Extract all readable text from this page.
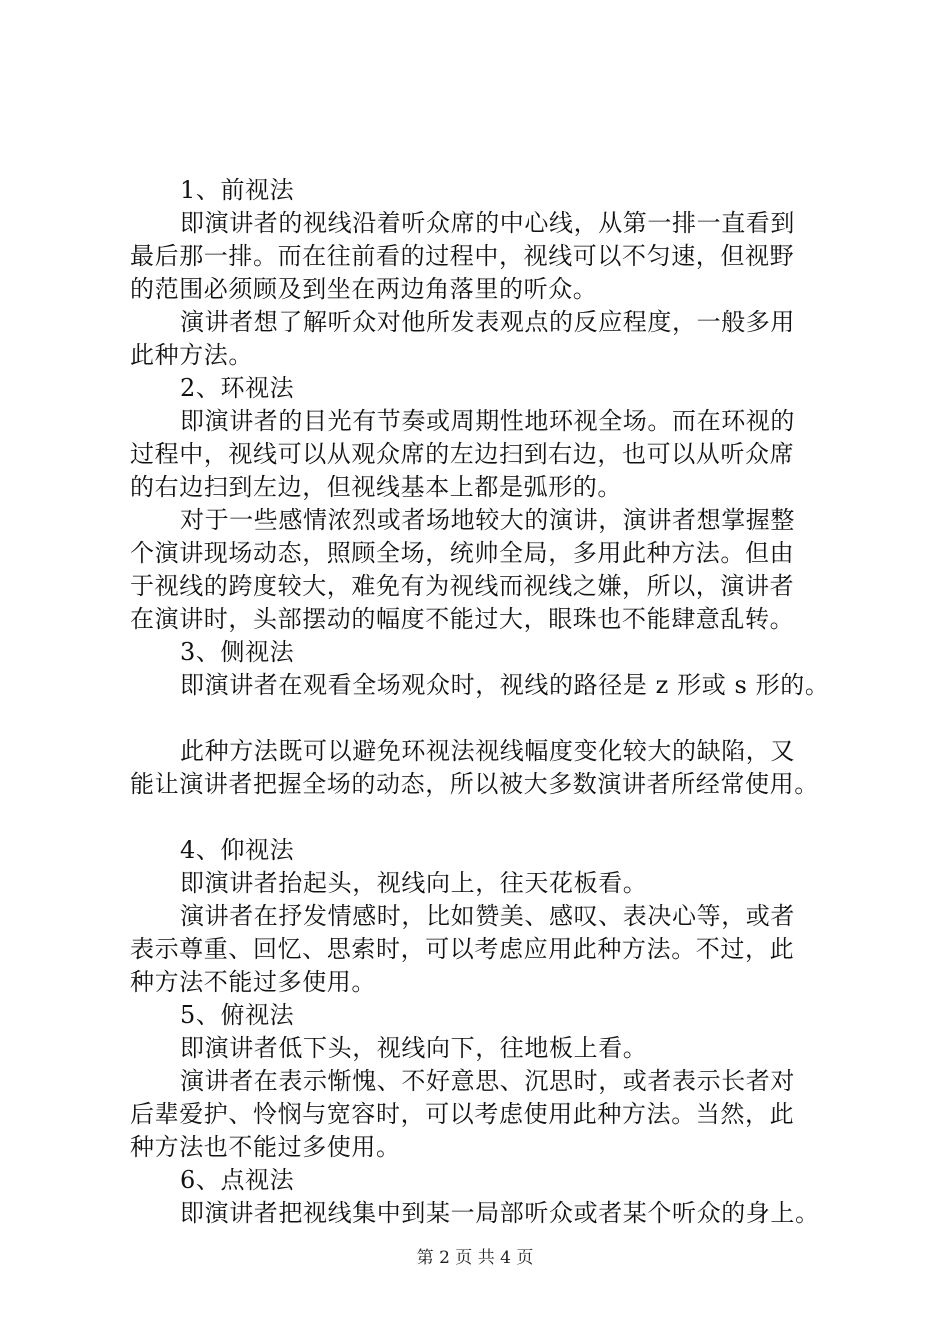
1、前视法
即演讲者的视线沿着听众席的中心线，从第一排一直看到
最后那一排。而在往前看的过程中，视线可以不匀速，但视野
的范围必须顾及到坐在两边角落里的听众。
演讲者想了解听众对他所发表观点的反应程度，一般多用
此种方法。
2、环视法
即演讲者的目光有节奏或周期性地环视全场。而在环视的
过程中，视线可以从观众席的左边扫到右边，也可以从听众席
的右边扫到左边，但视线基本上都是弧形的。
对于一些感情浓烈或者场地较大的演讲，演讲者想掌握整
个演讲现场动态，照顾全场，统帅全局，多用此种方法。但由
于视线的跨度较大，难免有为视线而视线之嫌，所以，演讲者
在演讲时，头部摆动的幅度不能过大，眼珠也不能肆意乱转。
3、侧视法
即演讲者在观看全场观众时，视线的路径是 z 形或 s 形的。
此种方法既可以避免环视法视线幅度变化较大的缺陷，又
能让演讲者把握全场的动态，所以被大多数演讲者所经常使用。
4、仰视法
即演讲者抬起头，视线向上，往天花板看。
演讲者在抒发情感时，比如赞美、感叹、表决心等，或者
表示尊重、回忆、思索时，可以考虑应用此种方法。不过，此
种方法不能过多使用。
5、俯视法
即演讲者低下头，视线向下，往地板上看。
演讲者在表示惭愧、不好意思、沉思时，或者表示长者对
后辈爱护、怜悯与宽容时，可以考虑使用此种方法。当然，此
种方法也不能过多使用。
6、点视法
即演讲者把视线集中到某一局部听众或者某个听众的身上。
第 2 页 共 4 页
